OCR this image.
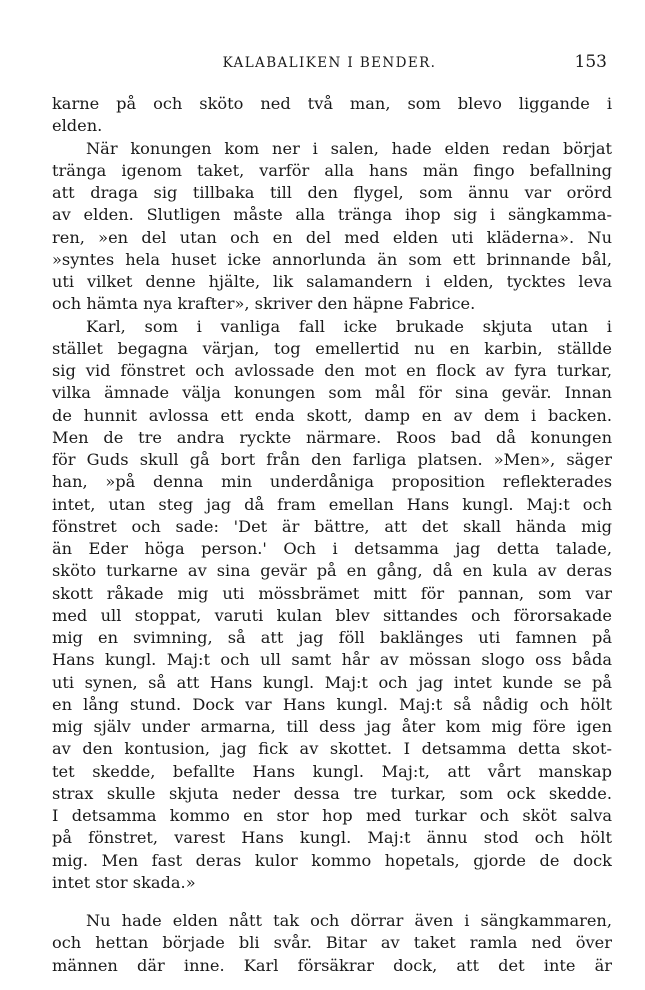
KALABALIKEN I BENDER.	153
karne på och sköto ned två man, som blevo liggande i
elden.
När konungen kom ner i salen, hade elden redan börjat
tränga igenom taket, varför alla hans män fingo befallning
att draga sig tillbaka till den flygel, som ännu var orörd
av elden. Slutligen måste alla tränga ihop sig i sängkamma-
ren, »en del utan och en del med elden uti kläderna». Nu
»syntes hela huset icke annorlunda än som ett brinnande bål,
uti vilket denne hjälte, lik salamandern i elden, tycktes leva
och hämta nya krafter», skriver den häpne Fabrice.
Karl, som i vanliga fall icke brukade skjuta utan i
stället begagna värjan, tog emellertid nu en karbin, ställde
sig vid fönstret och avlossade den mot en flock av fyra turkar,
vilka ämnade välja konungen som mål för sina gevär. Innan
de hunnit avlossa ett enda skott, damp en av dem i backen.
Men de tre andra ryckte närmare. Roos bad då konungen
för Guds skull gå bort från den farliga platsen. »Men», säger
han, »på denna min underdåniga proposition reflekterades
intet, utan steg jag då fram emellan Hans kungl. Maj:t och
fönstret och sade: 'Det är bättre, att det skall hända mig
än Eder höga person.' Och i detsamma jag detta talade,
sköto turkarne av sina gevär på en gång, då en kula av deras
skott råkade mig uti mössbrämet mitt för pannan, som var
med ull stoppat, varuti kulan blev sittandes och förorsakade
mig en svimning, så att jag föll baklänges uti famnen på
Hans kungl. Maj:t och ull samt hår av mössan slogo oss båda
uti synen, så att Hans kungl. Maj:t och jag intet kunde se på
en lång stund. Dock var Hans kungl. Maj:t så nådig och hölt
mig själv under armarna, till dess jag åter kom mig före igen
av den kontusion, jag fick av skottet. I detsamma detta skot-
tet skedde, befallte Hans kungl. Maj:t, att vårt manskap
strax skulle skjuta neder dessa tre turkar, som ock skedde.
I detsamma kommo en stor hop med turkar och sköt salva
på fönstret, varest Hans kungl. Maj:t ännu stod och hölt
mig. Men fast deras kulor kommo hopetals, gjorde de dock
intet stor skada.»
Nu hade elden nått tak och dörrar även i sängkammaren,
och hettan började bli svår. Bitar av taket ramla ned över
männen där inne. Karl försäkrar dock, att det inte är
